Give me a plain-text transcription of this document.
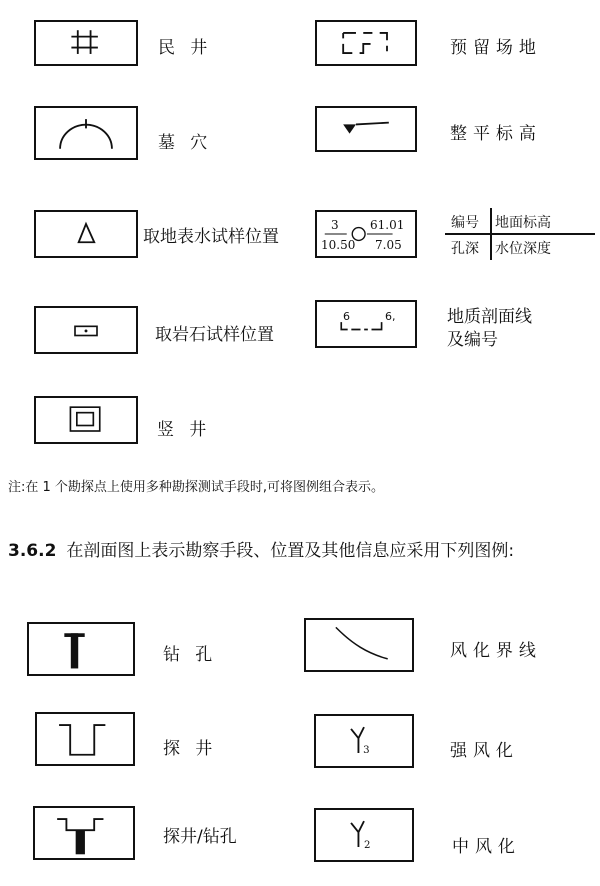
民井	预留场地
墓穴	整平标高
取地表水试样位置
3
10.50
61.01
7.05
编号 地面标高
孔深 水位深度
取岩石试样位置
6	6,	地质剖面线
及编号
竖井
注:在 1 个勘探点上使用多种勘探测试手段时,可将图例组合表示。
3.6.2 在剖面图上表示勘察手段、位置及其他信息应采用下列图例:
钻孔	风化界线
探井	3	强风化
探井/钻孔	2	中风化
